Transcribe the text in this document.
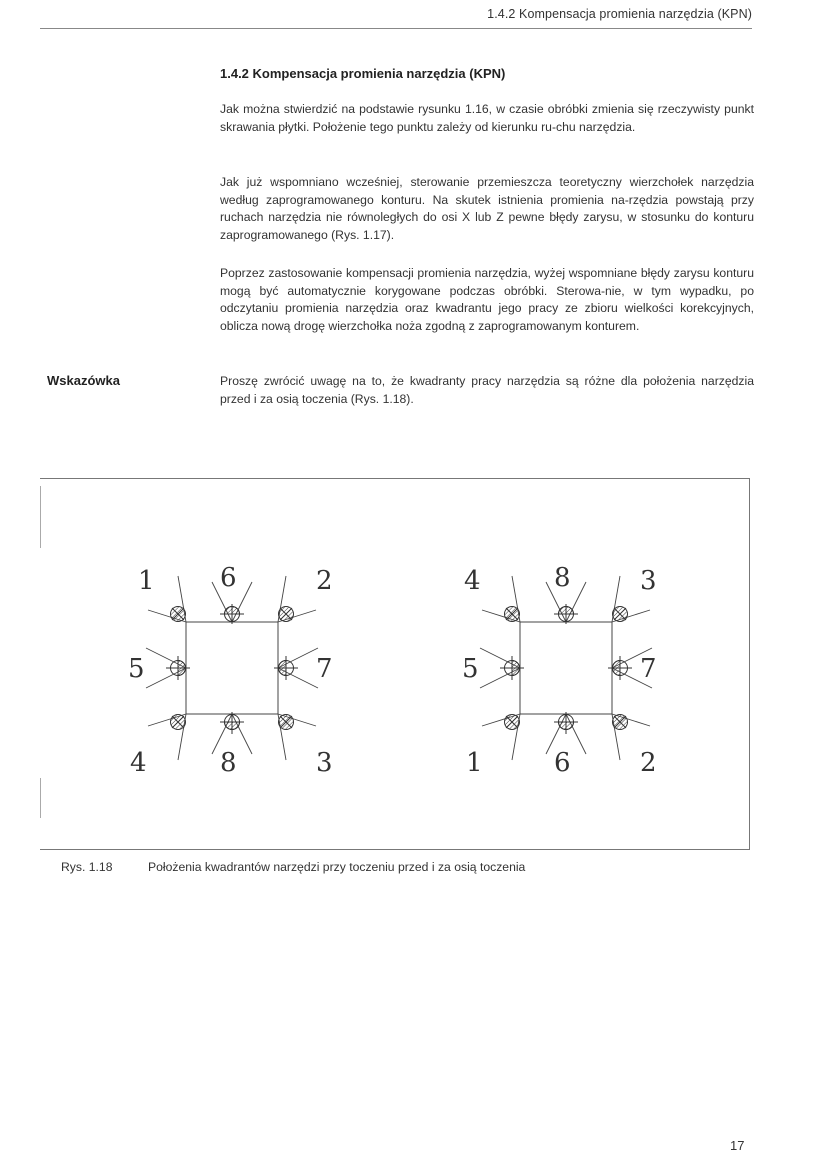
1.4.2 Kompensacja promienia narzędzia (KPN)
1.4.2 Kompensacja promienia narzędzia (KPN)

Jak można stwierdzić na podstawie rysunku 1.16, w czasie obróbki zmienia się rzeczywisty punkt skrawania płytki. Położenie tego punktu zależy od kierunku ru-chu narzędzia.

Jak już wspomniano wcześniej, sterowanie przemieszcza teoretyczny wierzchołek narzędzia według zaprogramowanego konturu. Na skutek istnienia promienia na-rzędzia powstają przy ruchach narzędzia nie równoległych do osi X lub Z pewne błędy zarysu, w stosunku do konturu zaprogramowanego (Rys. 1.17).

Poprzez zastosowanie kompensacji promienia narzędzia, wyżej wspomniane błędy zarysu konturu mogą być automatycznie korygowane podczas obróbki. Sterowa-nie, w tym wypadku, po odczytaniu promienia narzędzia oraz kwadrantu jego pracy ze zbioru wielkości korekcyjnych, oblicza nową drogę wierzchołka noża zgodną z zaprogramowanym konturem.

Wskazówka	Proszę zwrócić uwagę na to, że kwadranty pracy narzędzia są różne dla położenia narzędzia przed i za osią toczenia (Rys. 1.18).

1	6	2
5	7
4	8	3
4	8	3
5	7
1	6	2
Rys. 1.18	Położenia kwadrantów narzędzi przy toczeniu przed i za osią toczenia
17
